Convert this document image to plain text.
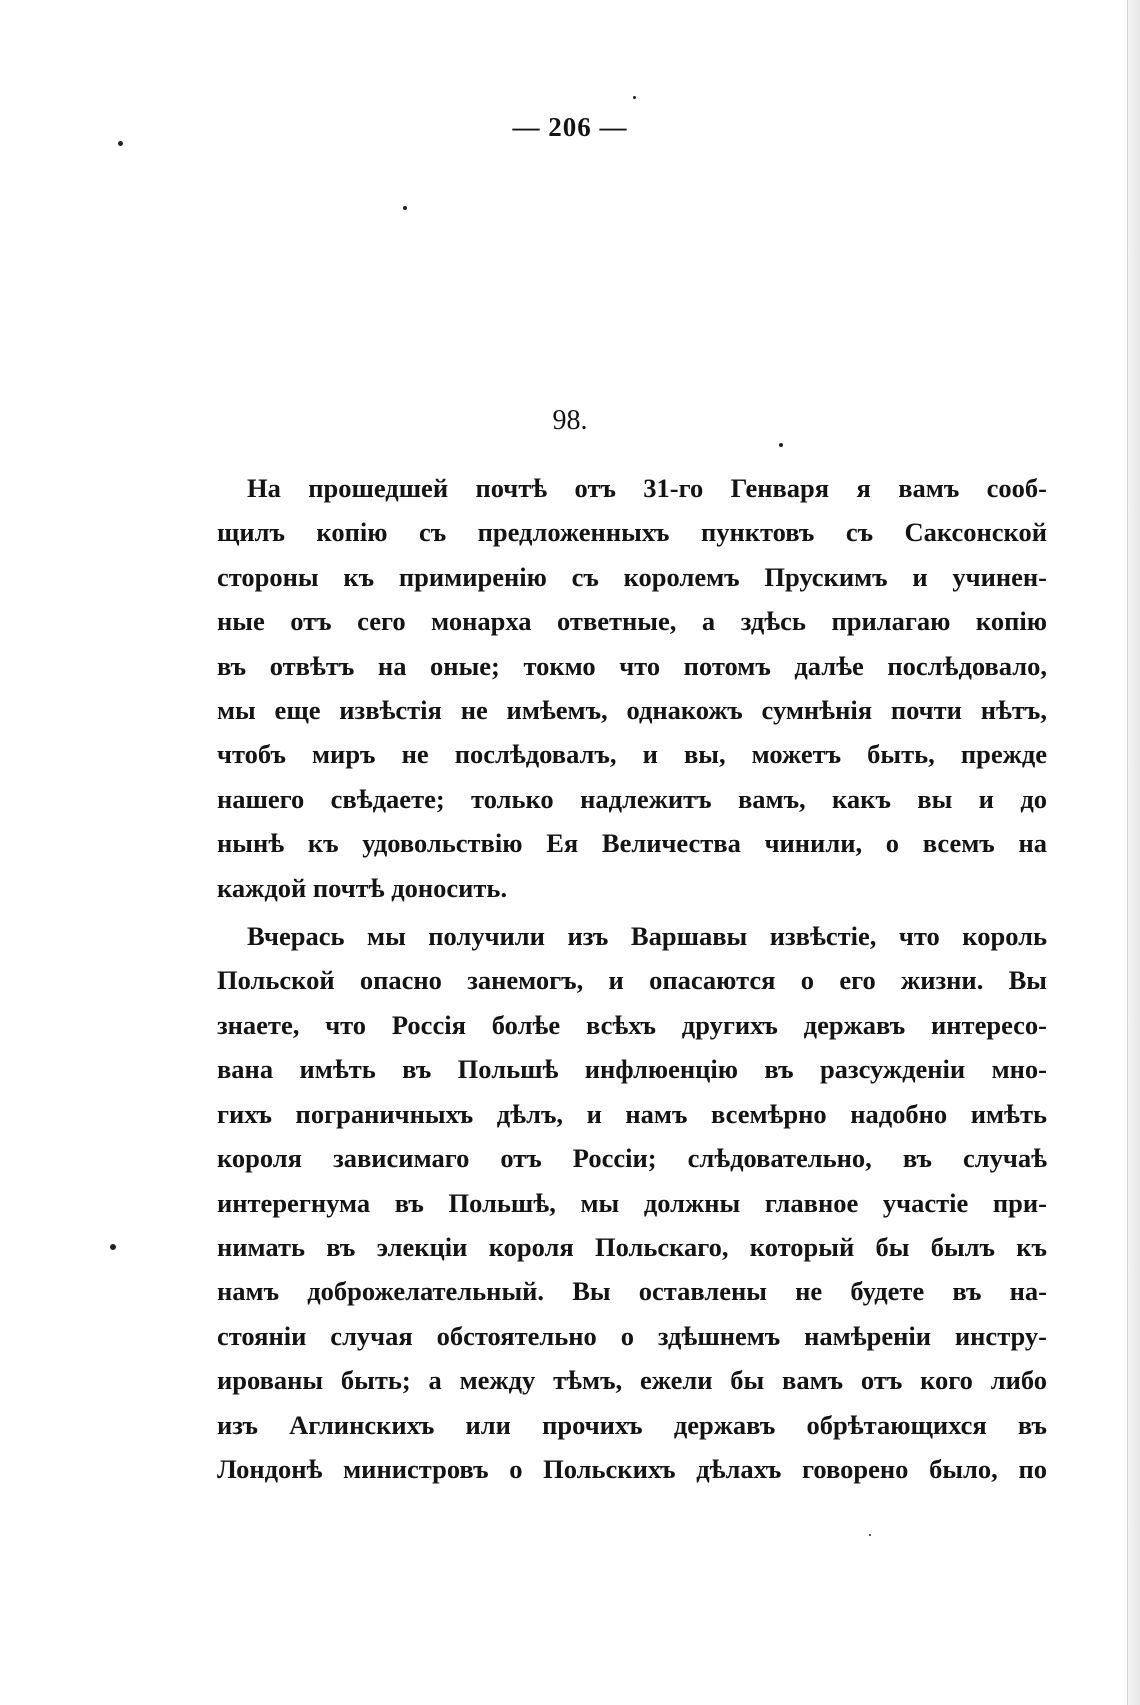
— 206 —
98.

На прошедшей почтѣ отъ 31-го Генваря я вамъ сооб-
щилъ копію съ предложенныхъ пунктовъ съ Саксонской
стороны къ примиренію съ королемъ Прускимъ и учинен-
ные отъ сего монарха ответные, а здѣсь прилагаю копію
въ отвѣтъ на оные; токмо что потомъ далѣе послѣдовало,
мы еще извѣстія не имѣемъ, однакожъ сумнѣнія почти нѣтъ,
чтобъ миръ не послѣдовалъ, и вы, можетъ быть, прежде
нашего свѣдаете; только надлежитъ вамъ, какъ вы и до
нынѣ къ удовольствію Ея Величества чинили, о всемъ на
каждой почтѣ доносить.

Вчерась мы получили изъ Варшавы извѣстіе, что король
Польской опасно занемогъ, и опасаются о его жизни. Вы
знаете, что Россія болѣе всѣхъ другихъ державъ интересо-
вана имѣть въ Польшѣ инфлюенцію въ разсужденіи мно-
гихъ пограничныхъ дѣлъ, и намъ всемѣрно надобно имѣть
короля зависимаго отъ Россіи; слѣдовательно, въ случаѣ
интерегнума въ Польшѣ, мы должны главное участіе при-
нимать въ элекціи короля Польскаго, который бы былъ къ
намъ доброжелательный. Вы оставлены не будете въ на-
стояніи случая обстоятельно о здѣшнемъ намѣреніи инстру-
ированы быть; а между тѣмъ, ежели бы вамъ отъ кого либо
изъ Аглинскихъ или прочихъ державъ обрѣтающихся въ
Лондонѣ министровъ о Польскихъ дѣлахъ говорено было, по
